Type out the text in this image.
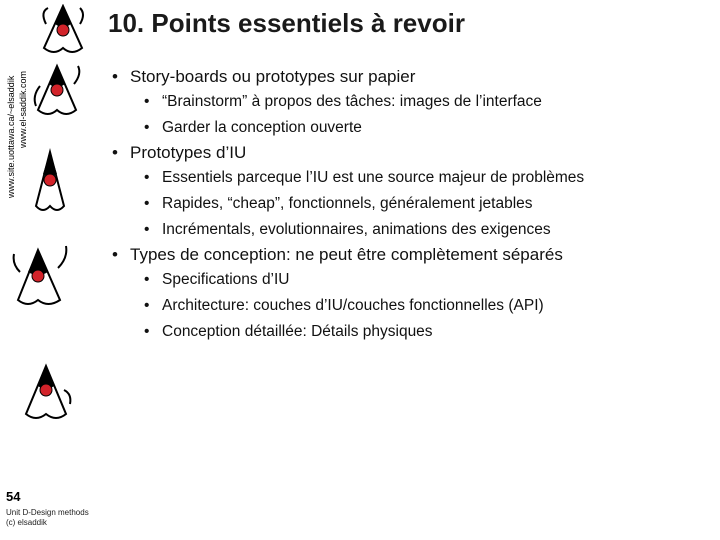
www.site.uottawa.ca/~elsaddik www.el-saddik.com
54
Unit D-Design methods
(c) elsaddik
10. Points essentiels à revoir
• Story-boards ou prototypes sur papier
• “Brainstorm” à propos des tâches: images de l’interface
• Garder la conception ouverte
• Prototypes d’IU
• Essentiels parceque l’IU est une source majeur de problèmes
• Rapides, “cheap”, fonctionnels, généralement jetables
• Incrémentals, evolutionnaires, animations des exigences
• Types de conception: ne peut être complètement séparés
• Specifications d’IU
• Architecture: couches d’IU/couches fonctionnelles (API)
• Conception détaillée: Détails physiques
